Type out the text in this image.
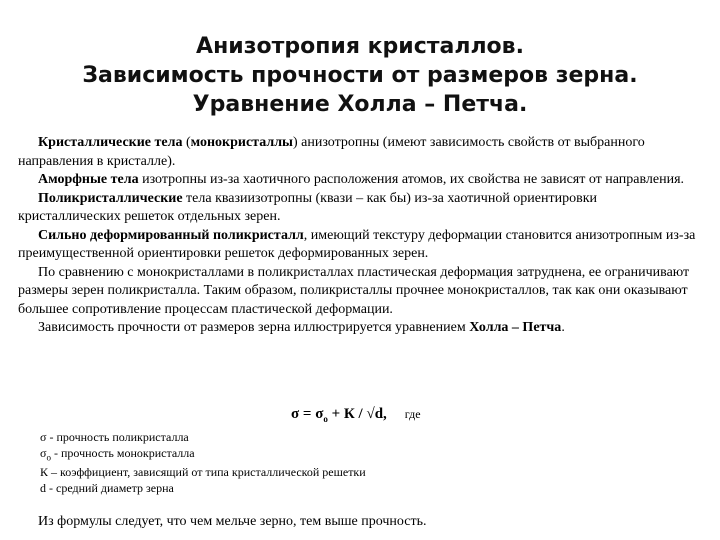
Анизотропия кристаллов.
Зависимость прочности от размеров зерна.
Уравнение Холла – Петча.

Кристаллические тела (монокристаллы) анизотропны (имеют зависимость свойств от выбранного направления в кристалле).

Аморфные тела изотропны из-за хаотичного расположения атомов, их свойства не зависят от направления.

Поликристаллические тела квазиизотропны (квази – как бы) из-за хаотичной ориентировки кристаллических решеток отдельных зерен.

Сильно деформированный поликристалл, имеющий текстуру деформации становится анизотропным из-за преимущественной ориентировки решеток деформированных зерен.

По сравнению с монокристаллами в поликристаллах пластическая деформация затруднена, ее ограничивают размеры зерен поликристалла. Таким образом, поликристаллы прочнее монокристаллов, так как они оказывают большее сопротивление процессам пластической деформации.

Зависимость прочности от размеров зерна иллюстрируется уравнением Холла – Петча.

$\sigma = \sigma_o + К / √d$, где
σ - прочность поликристалла
$\sigma_o$ - прочность монокристалла
К – коэффициент, зависящий от типа кристаллической решетки
d - средний диаметр зерна
Из формулы следует, что чем мельче зерно, тем выше прочность.
